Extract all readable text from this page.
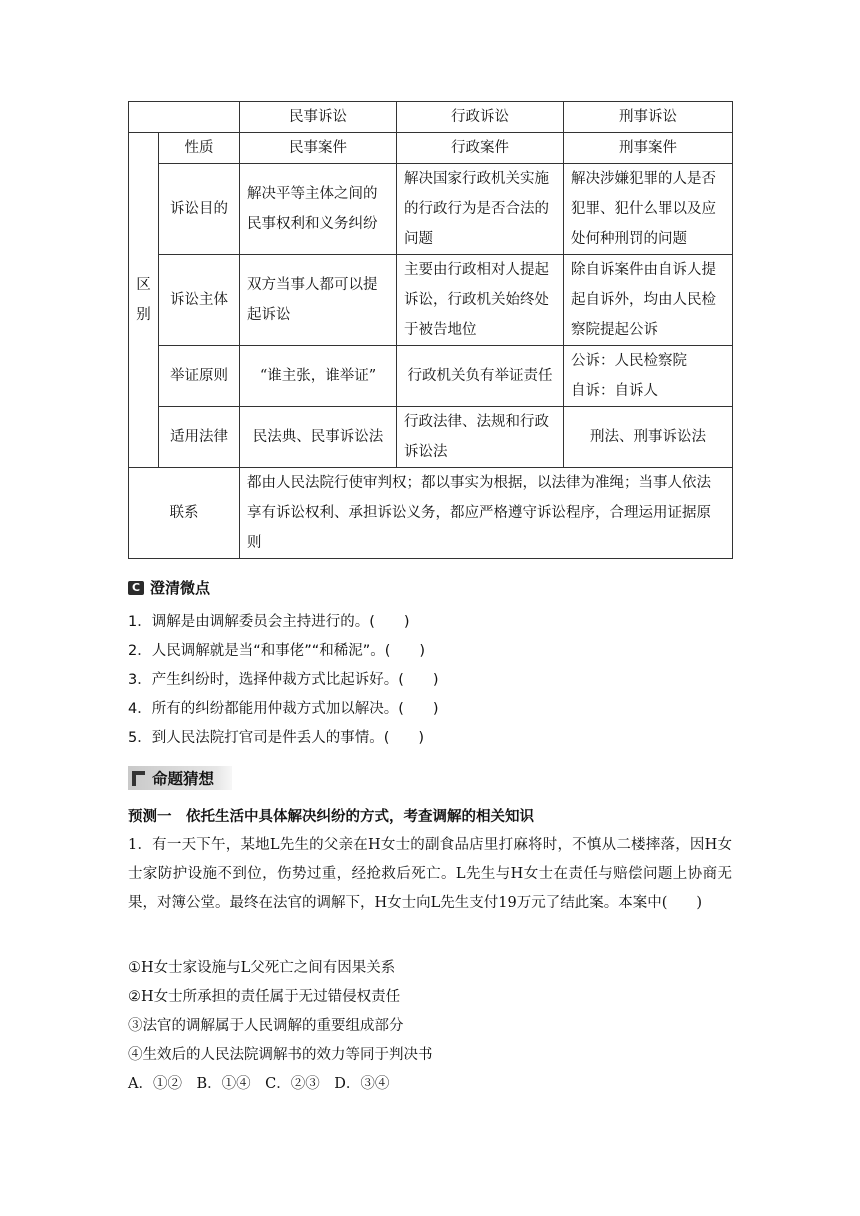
		民事诉讼	行政诉讼	刑事诉讼
区
别	性质	民事案件	行政案件	刑事案件
	诉讼目的	解决平等主体之间的民事权利和义务纠纷	解决国家行政机关实施的行政行为是否合法的问题	解决涉嫌犯罪的人是否犯罪、犯什么罪以及应处何种刑罚的问题
	诉讼主体	双方当事人都可以提起诉讼	主要由行政相对人提起诉讼，行政机关始终处于被告地位	除自诉案件由自诉人提起自诉外，均由人民检察院提起公诉
	举证原则	“谁主张，谁举证”	行政机关负有举证责任	公诉：人民检察院
自诉：自诉人
	适用法律	民法典、民事诉讼法	行政法律、法规和行政诉讼法	刑法、刑事诉讼法
联系		都由人民法院行使审判权；都以事实为根据，以法律为准绳；当事人依法享有诉讼权利、承担诉讼义务，都应严格遵守诉讼程序，合理运用证据原则		
C 澄清微点
1．调解是由调解委员会主持进行的。(　　)
2．人民调解就是当“和事佬”“和稀泥”。(　　)
3．产生纠纷时，选择仲裁方式比起诉好。(　　)
4．所有的纠纷都能用仲裁方式加以解决。(　　)
5．到人民法院打官司是件丢人的事情。(　　)
命题猜想
预测一　依托生活中具体解决纠纷的方式，考查调解的相关知识
1．有一天下午，某地L先生的父亲在H女士的副食品店里打麻将时，不慎从二楼摔落，因H女士家防护设施不到位，伤势过重，经抢救后死亡。L先生与H女士在责任与赔偿问题上协商无果，对簿公堂。最终在法官的调解下，H女士向L先生支付19万元了结此案。本案中(　　)
①H女士家设施与L父死亡之间有因果关系
②H女士所承担的责任属于无过错侵权责任
③法官的调解属于人民调解的重要组成部分
④生效后的人民法院调解书的效力等同于判决书
A．①②　B．①④　C．②③　D．③④
